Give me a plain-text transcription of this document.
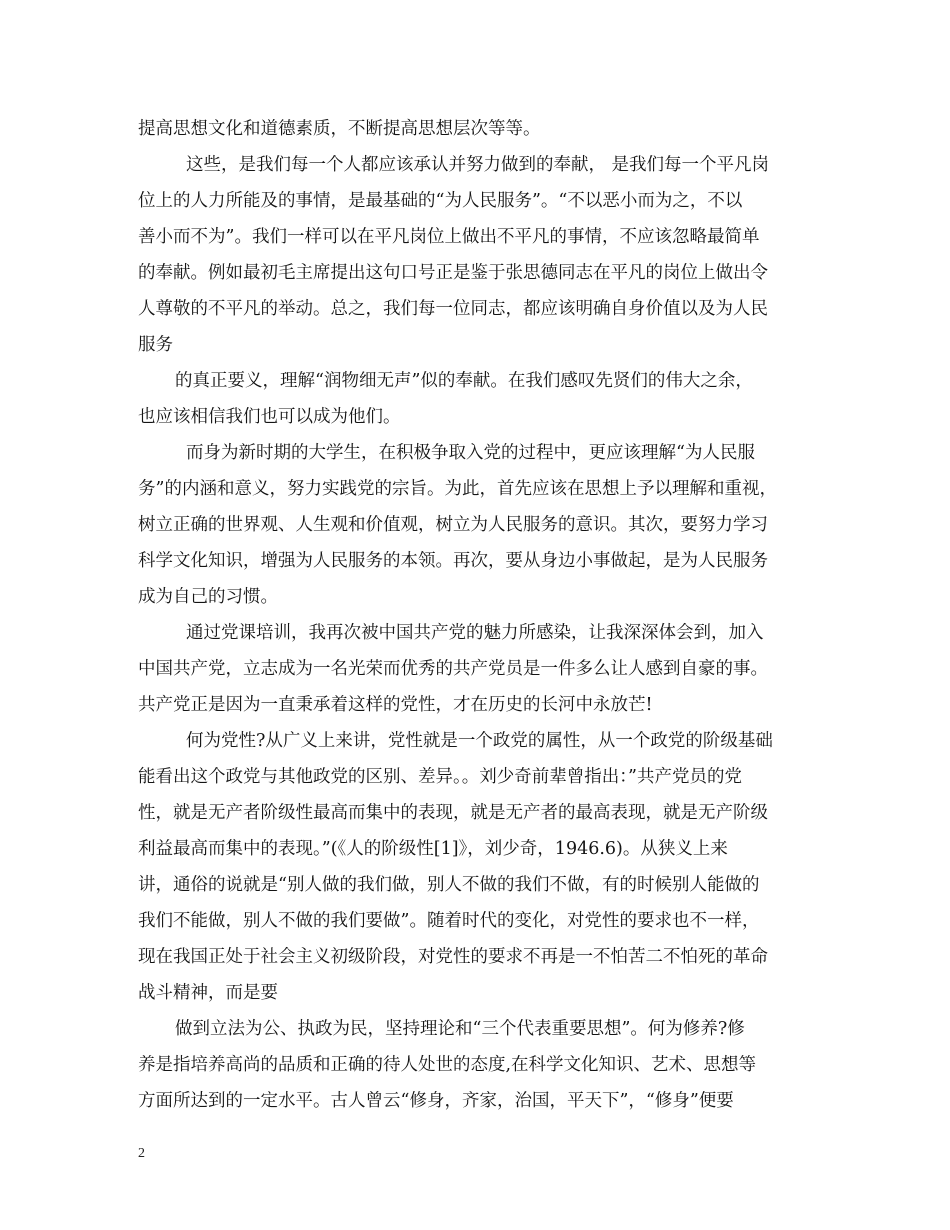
提高思想文化和道德素质，不断提高思想层次等等。
这些，是我们每一个人都应该承认并努力做到的奉献， 是我们每一个平凡岗
位上的人力所能及的事情，是最基础的“为人民服务”。“不以恶小而为之，不以
善小而不为”。我们一样可以在平凡岗位上做出不平凡的事情，不应该忽略最简单
的奉献。例如最初毛主席提出这句口号正是鉴于张思德同志在平凡的岗位上做出令
人尊敬的不平凡的举动。总之，我们每一位同志，都应该明确自身价值以及为人民
服务
的真正要义，理解“润物细无声”似的奉献。在我们感叹先贤们的伟大之余，
也应该相信我们也可以成为他们。
而身为新时期的大学生，在积极争取入党的过程中，更应该理解“为人民服
务”的内涵和意义，努力实践党的宗旨。为此，首先应该在思想上予以理解和重视，
树立正确的世界观、人生观和价值观，树立为人民服务的意识。其次，要努力学习
科学文化知识，增强为人民服务的本领。再次，要从身边小事做起，是为人民服务
成为自己的习惯。
通过党课培训，我再次被中国共产党的魅力所感染，让我深深体会到，加入
中国共产党，立志成为一名光荣而优秀的共产党员是一件多么让人感到自豪的事。
共产党正是因为一直秉承着这样的党性，才在历史的长河中永放芒!
何为党性?从广义上来讲，党性就是一个政党的属性，从一个政党的阶级基础
能看出这个政党与其他政党的区别、差异。。刘少奇前辈曾指出：”共产党员的党
性，就是无产者阶级性最高而集中的表现，就是无产者的最高表现，就是无产阶级
利益最高而集中的表现。”(《人的阶级性[1]》，刘少奇，1946.6)。从狭义上来
讲，通俗的说就是“别人做的我们做，别人不做的我们不做，有的时候别人能做的
我们不能做，别人不做的我们要做”。随着时代的变化，对党性的要求也不一样，
现在我国正处于社会主义初级阶段，对党性的要求不再是一不怕苦二不怕死的革命
战斗精神，而是要
做到立法为公、执政为民，坚持理论和“三个代表重要思想”。何为修养?修
养是指培养高尚的品质和正确的待人处世的态度,在科学文化知识、艺术、思想等
方面所达到的一定水平。古人曾云“修身，齐家，治国，平天下”，“修身”便要
2
